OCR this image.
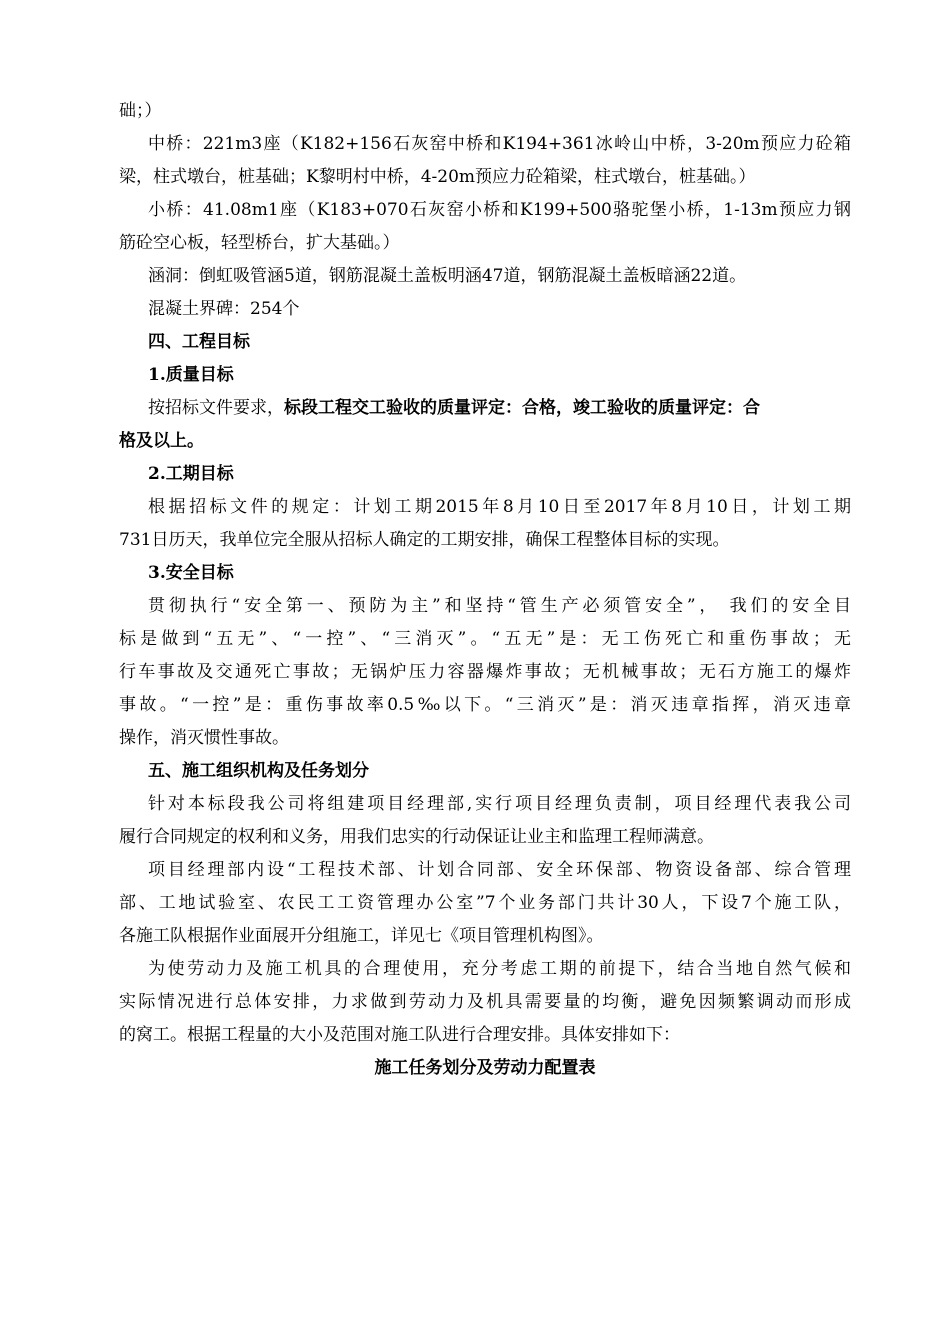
础；）
中桥：221m3座（K182+156石灰窑中桥和K194+361冰岭山中桥，3-20m预应力砼箱
梁，柱式墩台，桩基础；K黎明村中桥，4-20m预应力砼箱梁，柱式墩台，桩基础。）
小桥：41.08m1座（K183+070石灰窑小桥和K199+500骆驼堡小桥，1-13m预应力钢
筋砼空心板，轻型桥台，扩大基础。）
涵洞：倒虹吸管涵5道，钢筋混凝土盖板明涵47道，钢筋混凝土盖板暗涵22道。
混凝土界碑：254个
四、工程目标
1.质量目标
按招标文件要求，标段工程交工验收的质量评定：合格，竣工验收的质量评定：合
格及以上。
2.工期目标
根据招标文件的规定：计划工期2015年8月10日至2017年8月10日，计划工期
731日历天，我单位完全服从招标人确定的工期安排，确保工程整体目标的实现。
3.安全目标
贯彻执行“安全第一、预防为主”和坚持“管生产必须管安全”， 我们的安全目
标是做到“五无”、“一控”、“三消灭”。“五无”是：无工伤死亡和重伤事故；无
行车事故及交通死亡事故；无锅炉压力容器爆炸事故；无机械事故；无石方施工的爆炸
事故。“一控”是：重伤事故率0.5‰以下。“三消灭”是：消灭违章指挥，消灭违章
操作，消灭惯性事故。
五、施工组织机构及任务划分
针对本标段我公司将组建项目经理部,实行项目经理负责制，项目经理代表我公司
履行合同规定的权利和义务，用我们忠实的行动保证让业主和监理工程师满意。
项目经理部内设“工程技术部、计划合同部、安全环保部、物资设备部、综合管理
部、工地试验室、农民工工资管理办公室”7个业务部门共计30人，下设7个施工队，
各施工队根据作业面展开分组施工，详见七《项目管理机构图》。
为使劳动力及施工机具的合理使用，充分考虑工期的前提下，结合当地自然气候和
实际情况进行总体安排，力求做到劳动力及机具需要量的均衡，避免因频繁调动而形成
的窝工。根据工程量的大小及范围对施工队进行合理安排。具体安排如下：
施工任务划分及劳动力配置表
